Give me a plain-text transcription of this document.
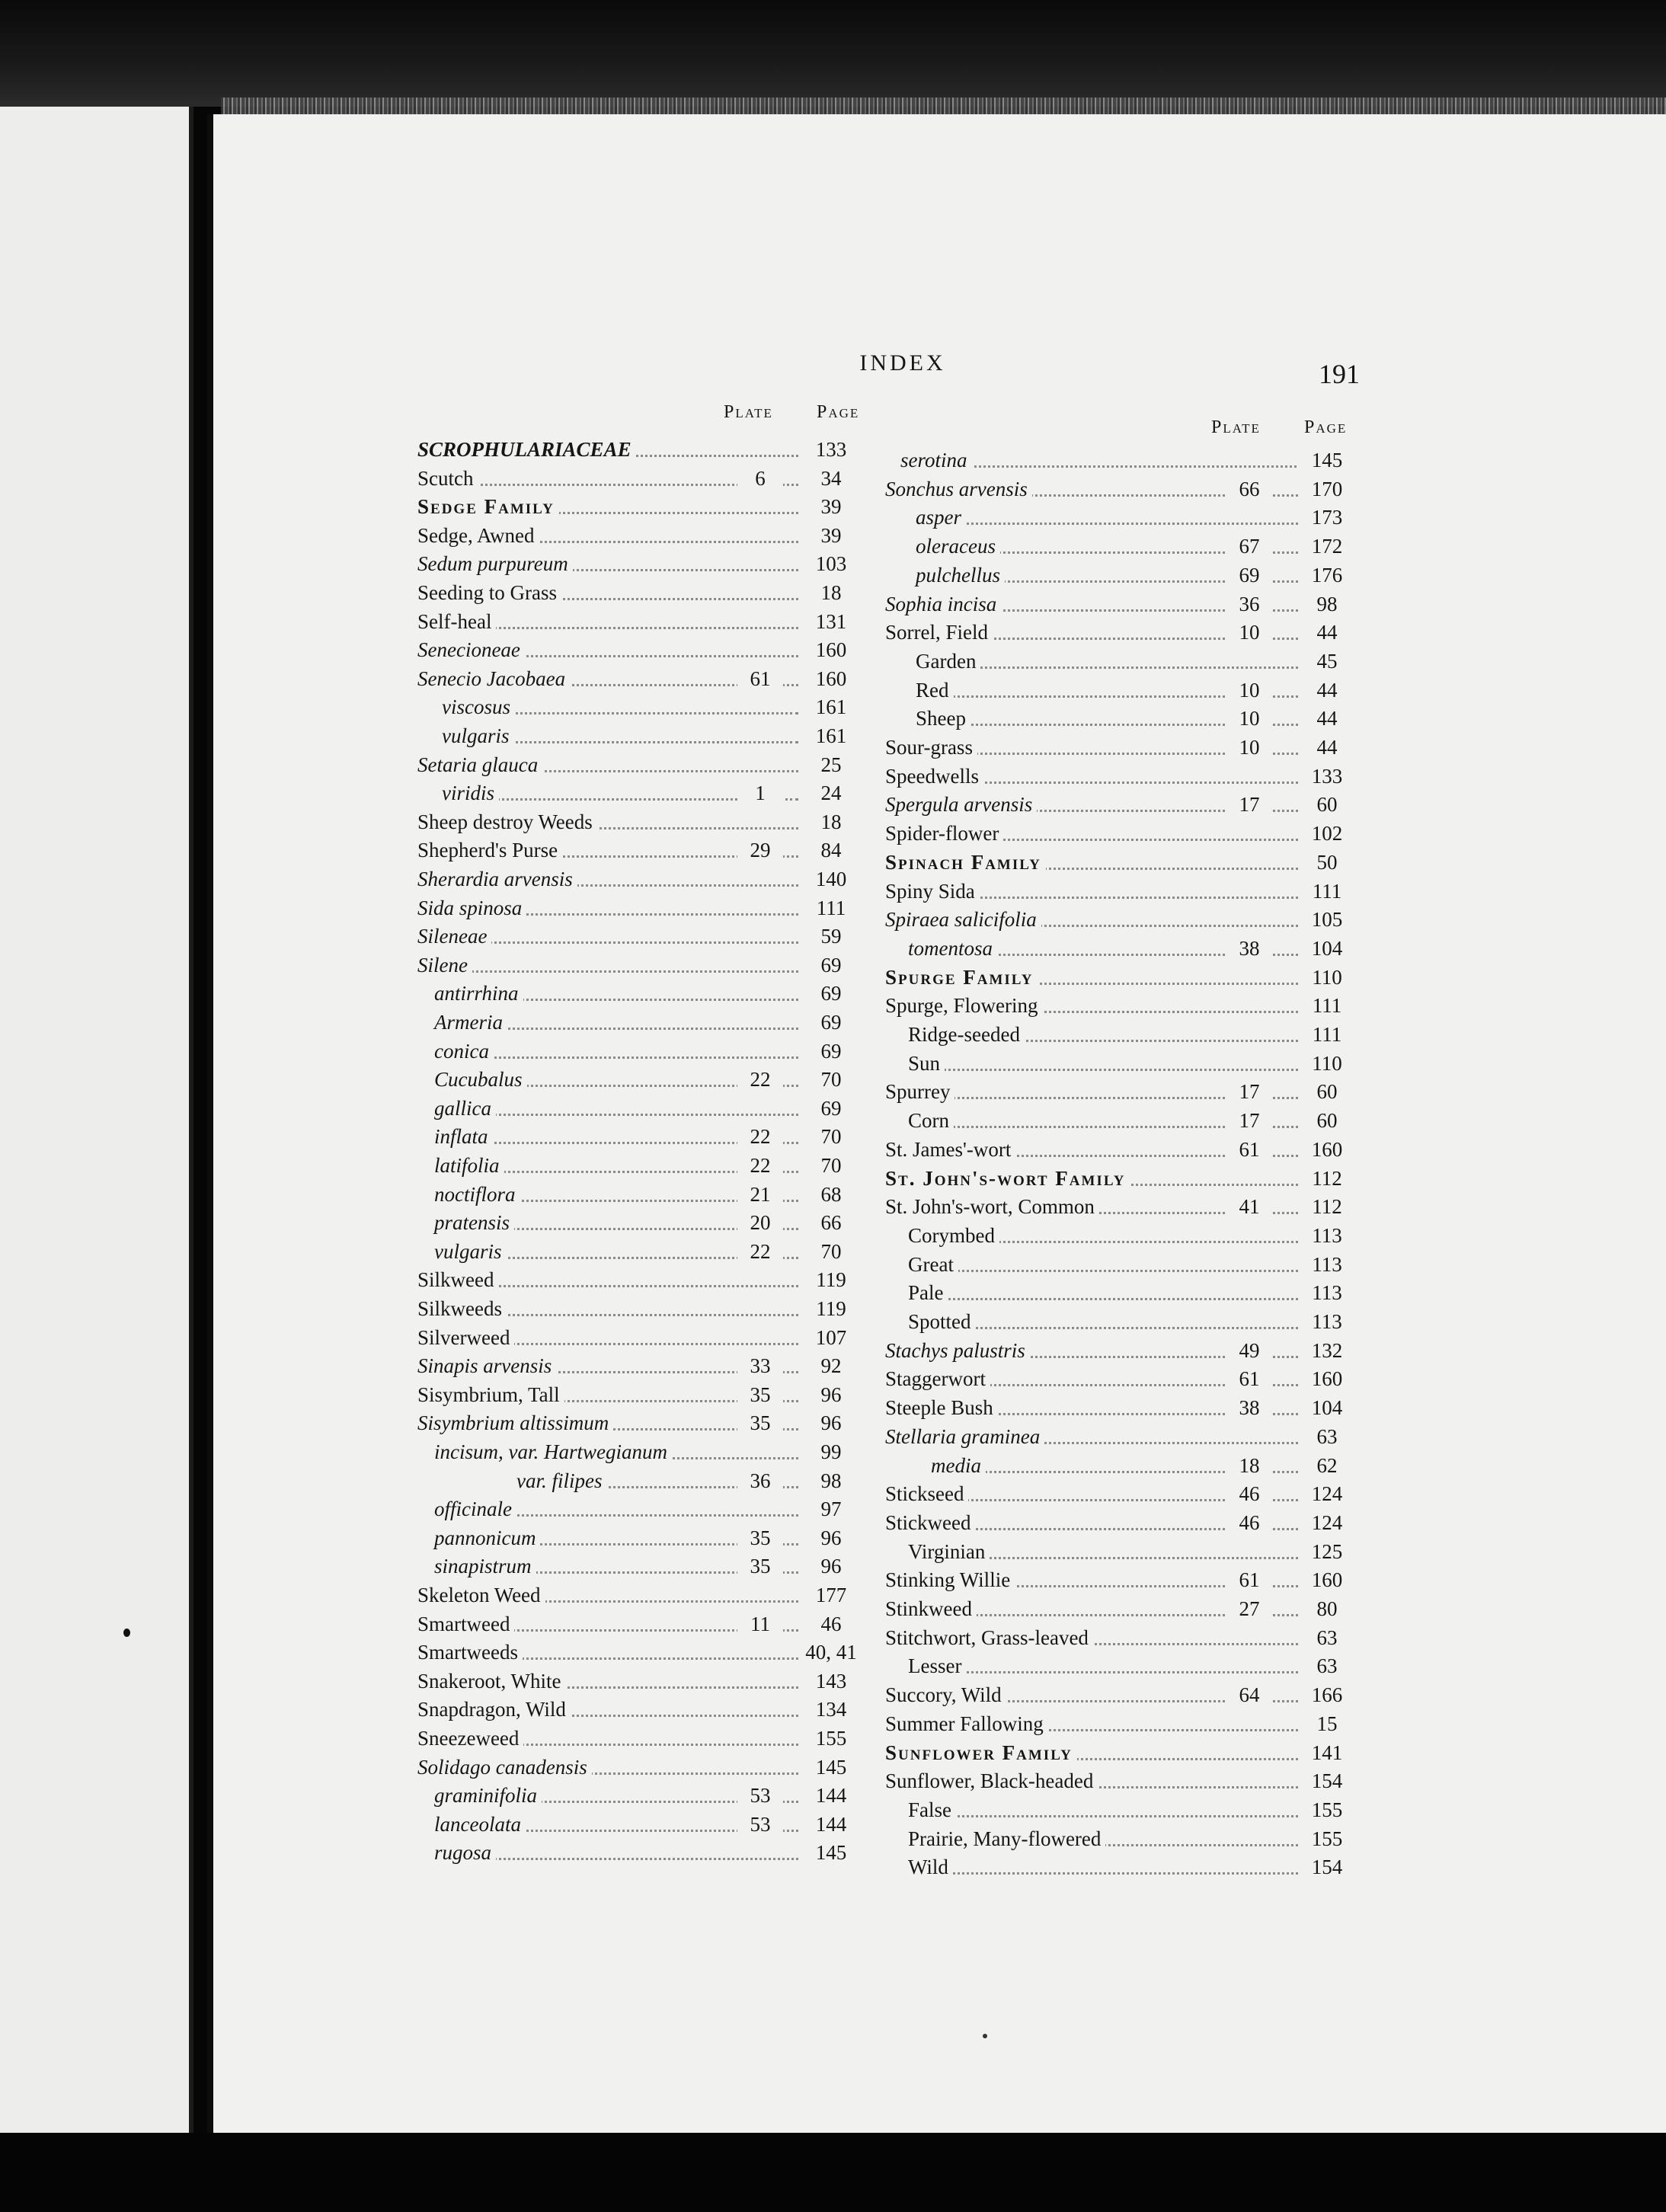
INDEX	191
Plate Page
Plate Page
SCROPHULARIACEAE	133
Scutch	6	34
Sedge Family	39
Sedge, Awned	39
Sedum purpureum	103
Seeding to Grass	18
Self-heal	131
Senecioneae	160
Senecio Jacobaea	61	160
viscosus	161
vulgaris	161
Setaria glauca	25
viridis	1	24
Sheep destroy Weeds	18
Shepherd's Purse	29	84
Sherardia arvensis	140
Sida spinosa	111
Sileneae	59
Silene	69
antirrhina	69
Armeria	69
conica	69
Cucubalus	22	70
gallica	69
inflata	22	70
latifolia	22	70
noctiflora	21	68
pratensis	20	66
vulgaris	22	70
Silkweed	119
Silkweeds	119
Silverweed	107
Sinapis arvensis	33	92
Sisymbrium, Tall	35	96
Sisymbrium altissimum	35	96
incisum, var. Hartwegianum	99
var. filipes	36	98
officinale	97
pannonicum	35	96
sinapistrum	35	96
Skeleton Weed	177
Smartweed	11	46
Smartweeds	40, 41
Snakeroot, White	143
Snapdragon, Wild	134
Sneezeweed	155
Solidago canadensis	145
graminifolia	53	144
lanceolata	53	144
rugosa	145
serotina	145
Sonchus arvensis	66	170
asper	173
oleraceus	67	172
pulchellus	69	176
Sophia incisa	36	98
Sorrel, Field	10	44
Garden	45
Red	10	44
Sheep	10	44
Sour-grass	10	44
Speedwells	133
Spergula arvensis	17	60
Spider-flower	102
Spinach Family	50
Spiny Sida	111
Spiraea salicifolia	105
tomentosa	38	104
Spurge Family	110
Spurge, Flowering	111
Ridge-seeded	111
Sun	110
Spurrey	17	60
Corn	17	60
St. James'-wort	61	160
St. John's-wort Family	112
St. John's-wort, Common	41	112
Corymbed	113
Great	113
Pale	113
Spotted	113
Stachys palustris	49	132
Staggerwort	61	160
Steeple Bush	38	104
Stellaria graminea	63
media	18	62
Stickseed	46	124
Stickweed	46	124
Virginian	125
Stinking Willie	61	160
Stinkweed	27	80
Stitchwort, Grass-leaved	63
Lesser	63
Succory, Wild	64	166
Summer Fallowing	15
Sunflower Family	141
Sunflower, Black-headed	154
False	155
Prairie, Many-flowered	155
Wild	154
